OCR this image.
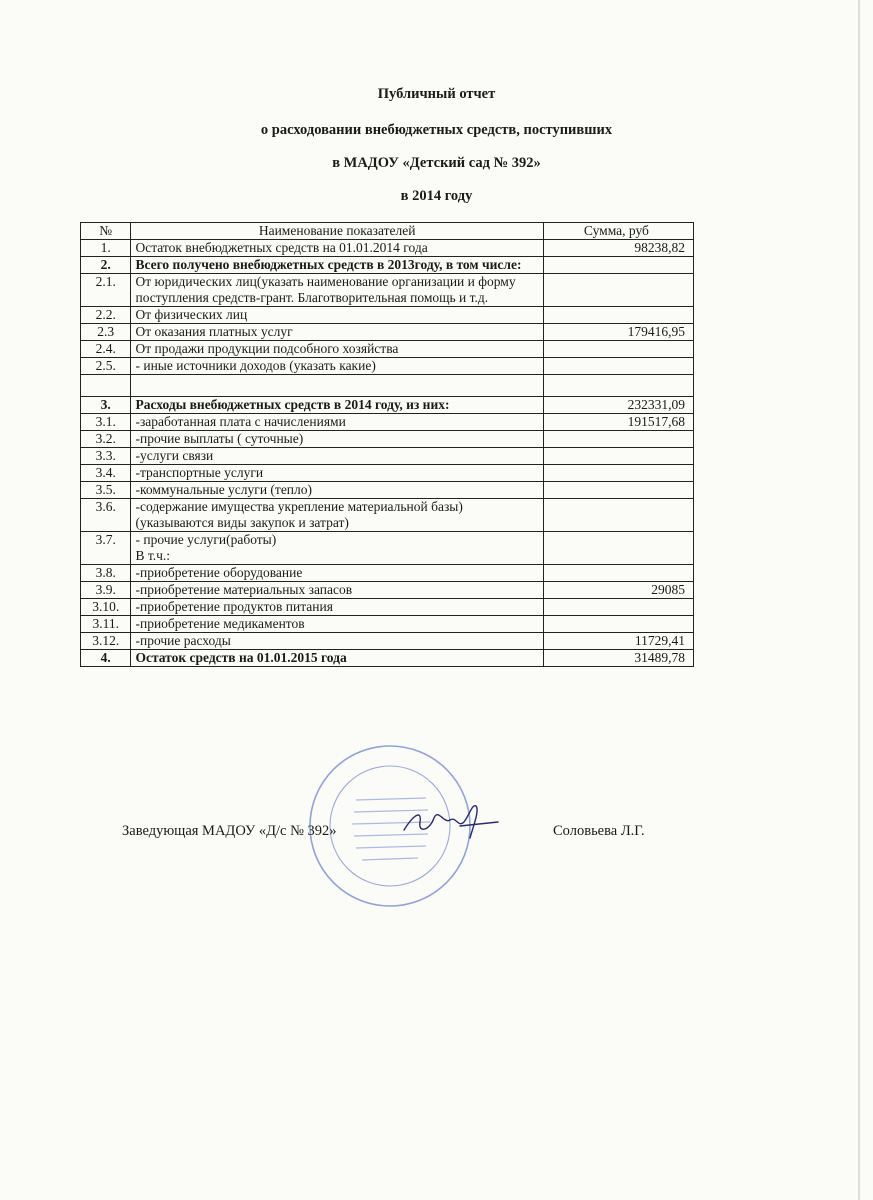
Публичный отчет
о расходовании внебюджетных средств, поступивших
в МАДОУ «Детский сад № 392»
в 2014 году
№	Наименование показателей	Сумма, руб
1.	Остаток внебюджетных средств на 01.01.2014 года	98238,82
2.	Всего получено внебюджетных средств в 2013году, в том числе:	
2.1.	От юридических лиц(указать наименование организации и форму поступления средств-грант. Благотворительная помощь и т.д.	
2.2.	От физических лиц	
2.3	От оказания платных услуг	179416,95
2.4.	От продажи продукции подсобного хозяйства	
2.5.	- иные источники доходов (указать какие)	

3.	Расходы внебюджетных средств в 2014 году, из них:	232331,09
3.1.	-заработанная плата с начислениями	191517,68
3.2.	-прочие выплаты ( суточные)	
3.3.	-услуги связи	
3.4.	-транспортные услуги	
3.5.	-коммунальные услуги (тепло)	
3.6.	-содержание имущества укрепление материальной базы) (указываются виды закупок и затрат)	
3.7.	- прочие услуги(работы)
В т.ч.:	
3.8.	-приобретение оборудование	
3.9.	-приобретение материальных запасов	29085
3.10.	-приобретение продуктов питания	
3.11.	-приобретение медикаментов	
3.12.	-прочие расходы	11729,41
4.	Остаток средств на 01.01.2015 года	31489,78
Заведующая МАДОУ «Д/с № 392»	Соловьева Л.Г.
